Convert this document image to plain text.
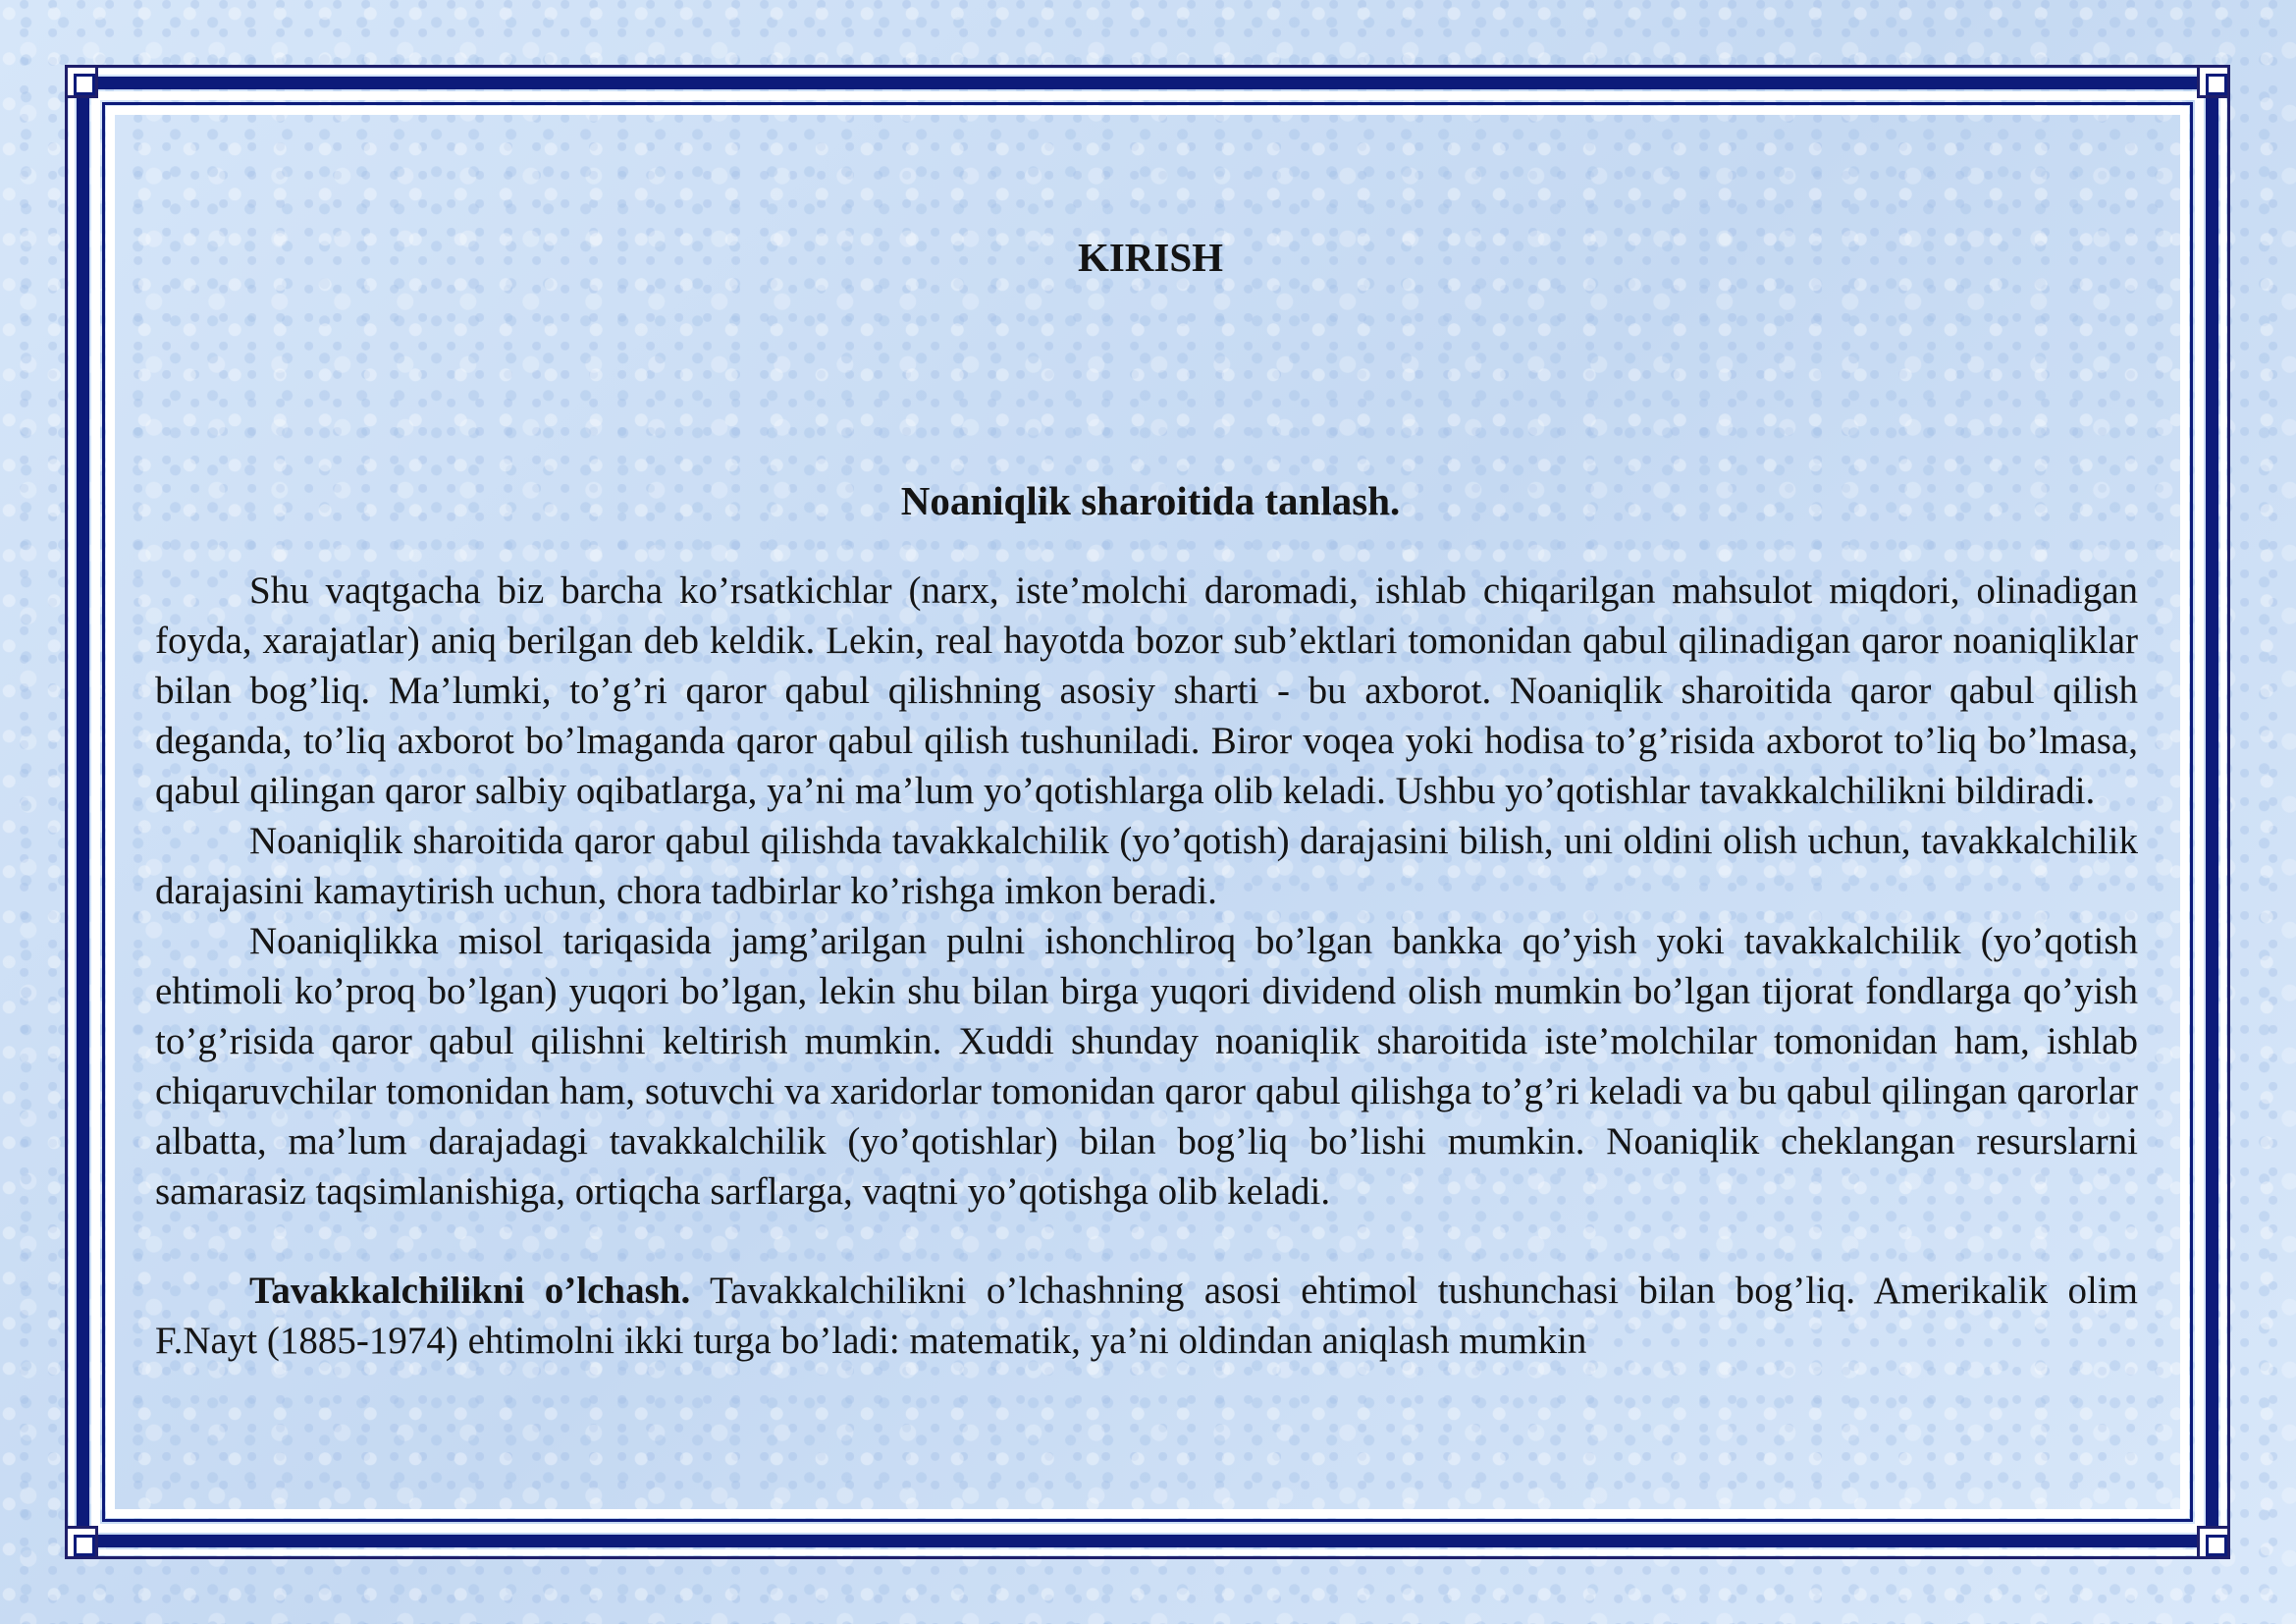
KIRISH
Noaniqlik sharoitida tanlash.

Shu vaqtgacha biz barcha ko’rsatkichlar (narx, iste’molchi daromadi, ishlab chiqarilgan mahsulot miqdori, olinadigan foyda, xarajatlar) aniq berilgan deb keldik. Lekin, real hayotda bozor sub’ektlari tomonidan qabul qilinadigan qaror noaniqliklar bilan bog’liq. Ma’lumki, to’g’ri qaror qabul qilishning asosiy sharti - bu axborot. Noaniqlik sharoitida qaror qabul qilish deganda, to’liq axborot bo’lmaganda qaror qabul qilish tushuniladi. Biror voqea yoki hodisa to’g’risida axborot to’liq bo’lmasa, qabul qilingan qaror salbiy oqibatlarga, ya’ni ma’lum yo’qotishlarga olib keladi. Ushbu yo’qotishlar tavakkalchilikni bildiradi.

Noaniqlik sharoitida qaror qabul qilishda tavakkalchilik (yo’qotish) darajasini bilish, uni oldini olish uchun, tavakkalchilik darajasini kamaytirish uchun, chora tadbirlar ko’rishga imkon beradi.

Noaniqlikka misol tariqasida jamg’arilgan pulni ishonchliroq bo’lgan bankka qo’yish yoki tavakkalchilik (yo’qotish ehtimoli ko’proq bo’lgan) yuqori bo’lgan, lekin shu bilan birga yuqori dividend olish mumkin bo’lgan tijorat fondlarga qo’yish to’g’risida qaror qabul qilishni keltirish mumkin. Xuddi shunday noaniqlik sharoitida iste’molchilar tomonidan ham, ishlab chiqaruvchilar tomonidan ham, sotuvchi va xaridorlar tomonidan qaror qabul qilishga to’g’ri keladi va bu qabul qilingan qarorlar albatta, ma’lum darajadagi tavakkalchilik (yo’qotishlar) bilan bog’liq bo’lishi mumkin. Noaniqlik cheklangan resurslarni samarasiz taqsimlanishiga, ortiqcha sarflarga, vaqtni yo’qotishga olib keladi.

Tavakkalchilikni o’lchash. Tavakkalchilikni o’lchashning asosi ehtimol tushunchasi bilan bog’liq. Amerikalik olim F.Nayt (1885-1974) ehtimolni ikki turga bo’ladi: matematik, ya’ni oldindan aniqlash mumkin
